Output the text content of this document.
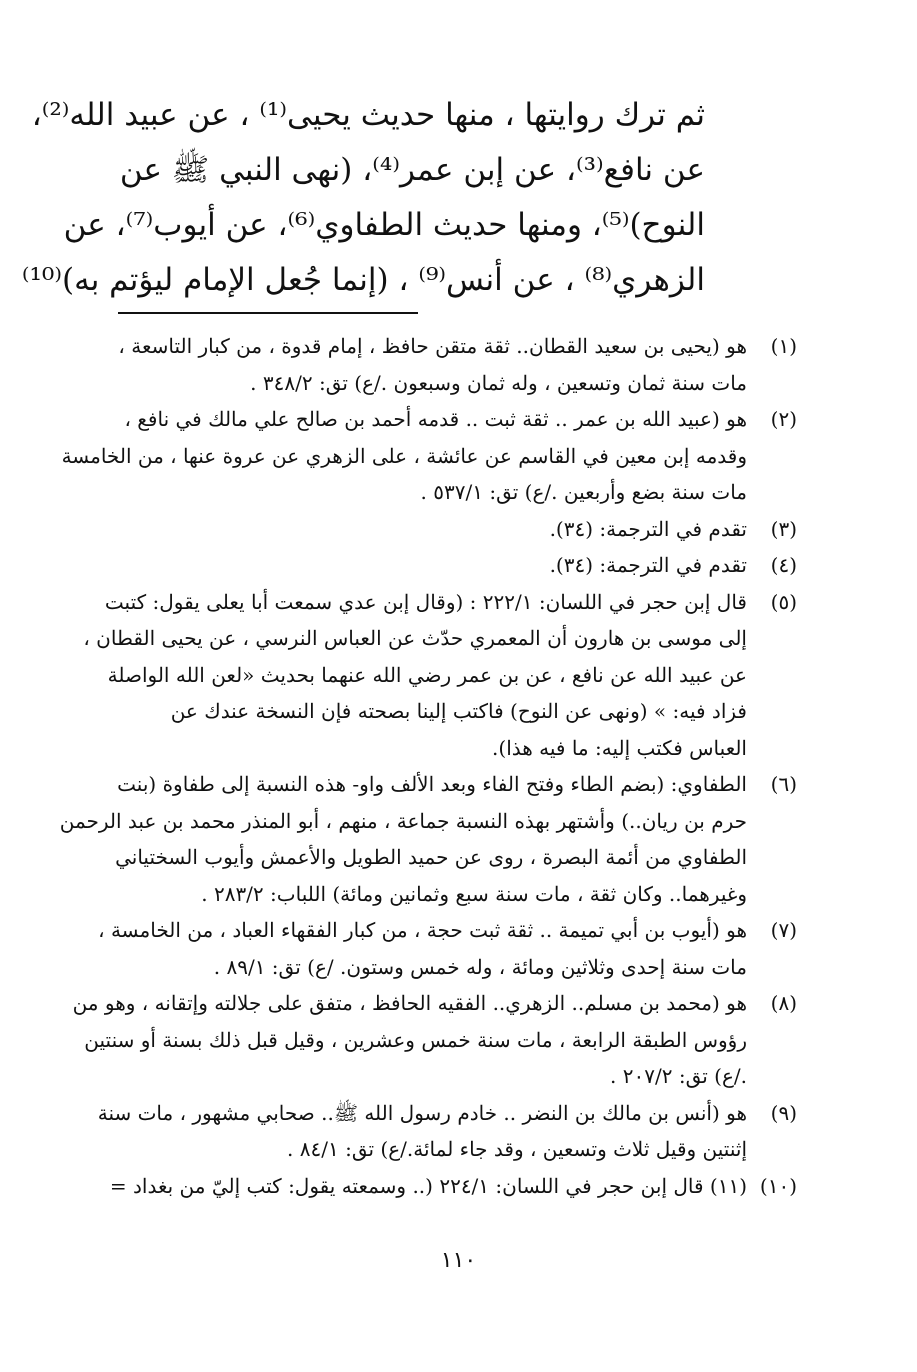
ثم ترك روايتها ، منها حديث يحيى⁽¹⁾ ، عن عبيد الله⁽²⁾،
عن نافع⁽³⁾، عن إبن عمر⁽⁴⁾، (نهى النبي ﷺ عن
النوح)⁽⁵⁾، ومنها حديث الطفاوي⁽⁶⁾، عن أيوب⁽⁷⁾، عن
الزهري⁽⁸⁾ ، عن أنس⁽⁹⁾ ، (إنما جُعل الإمام ليؤتم به)⁽¹⁰⁾
(١)
هو (يحيى بن سعيد القطان.. ثقة متقن حافظ ، إمام قدوة ، من كبار التاسعة ،
مات سنة ثمان وتسعين ، وله ثمان وسبعون ./ع) تق: ٣٤٨/٢ .
(٢)
هو (عبيد الله بن عمر .. ثقة ثبت .. قدمه أحمد بن صالح علي مالك في نافع ،
وقدمه إبن معين في القاسم عن عائشة ، على الزهري عن عروة عنها ، من الخامسة
مات سنة بضع وأربعين ./ع) تق: ٥٣٧/١ .
(٣)
تقدم في الترجمة: (٣٤).
(٤)
تقدم في الترجمة: (٣٤).
(٥)
قال إبن حجر في اللسان: ٢٢٢/١ : (وقال إبن عدي سمعت أبا يعلى يقول: كتبت
إلى موسى بن هارون أن المعمري حدّث عن العباس النرسي ، عن يحيى القطان ،
عن عبيد الله عن نافع ، عن بن عمر رضي الله عنهما بحديث «لعن الله الواصلة
فزاد فيه: » (ونهى عن النوح) فاكتب إلينا بصحته فإن النسخة عندك عن
العباس فكتب إليه: ما فيه هذا).
(٦)
الطفاوي: (بضم الطاء وفتح الفاء وبعد الألف واو- هذه النسبة إلى طفاوة (بنت
حرم بن ريان..) وأشتهر بهذه النسبة جماعة ، منهم ، أبو المنذر محمد بن عبد الرحمن
الطفاوي من أئمة البصرة ، روى عن حميد الطويل والأعمش وأيوب السختياني
وغيرهما.. وكان ثقة ، مات سنة سبع وثمانين ومائة) اللباب: ٢٨٣/٢ .
(٧)
هو (أيوب بن أبي تميمة .. ثقة ثبت حجة ، من كبار الفقهاء العباد ، من الخامسة ،
مات سنة إحدى وثلاثين ومائة ، وله خمس وستون. /ع) تق: ٨٩/١ .
(٨)
هو (محمد بن مسلم.. الزهري.. الفقيه الحافظ ، متفق على جلالته وإتقانه ، وهو من
رؤوس الطبقة الرابعة ، مات سنة خمس وعشرين ، وقيل قبل ذلك بسنة أو سنتين
./ع) تق: ٢٠٧/٢ .
(٩)
هو (أنس بن مالك بن النضر .. خادم رسول الله ﷺ.. صحابي مشهور ، مات سنة
إثنتين وقيل ثلاث وتسعين ، وقد جاء لمائة./ع) تق: ٨٤/١ .
(١٠)
(١١) قال إبن حجر في اللسان: ٢٢٤/١ (.. وسمعته يقول: كتب إليّ من بغداد =
١١٠
